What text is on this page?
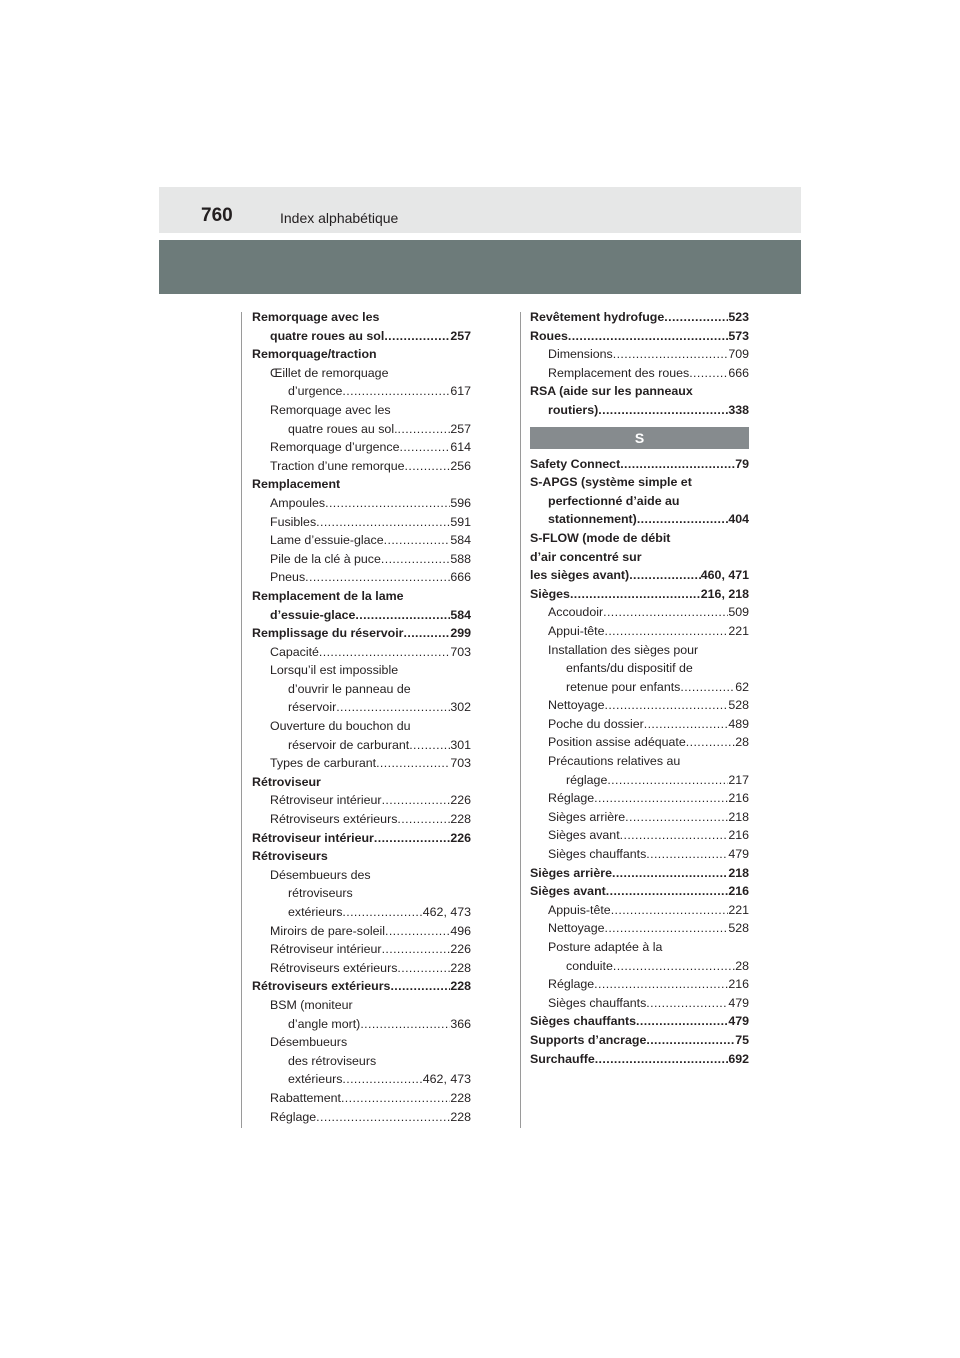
760	Index alphabétique
Remorquage avec les
quatre roues au sol .....	257
Remorquage/traction
Œillet de remorquage
d’urgence .....	617
Remorquage avec les
quatre roues au sol. .....	257
Remorquage d’urgence .....	614
Traction d’une remorque .....	256
Remplacement
Ampoules .....	596
Fusibles .....	591
Lame d’essuie-glace .....	584
Pile de la clé à puce .....	588
Pneus .....	666
Remplacement de la lame
d’essuie-glace .....	584
Remplissage du réservoir .....	299
Capacité .....	703
Lorsqu’il est impossible
d’ouvrir le panneau de
réservoir .....	302
Ouverture du bouchon du
réservoir de carburant .....	301
Types de carburant .....	703
Rétroviseur
Rétroviseur intérieur .....	226
Rétroviseurs extérieurs .....	228
Rétroviseur intérieur .....	226
Rétroviseurs
Désembueurs des
rétroviseurs
extérieurs .....	462, 473
Miroirs de pare-soleil .....	496
Rétroviseur intérieur .....	226
Rétroviseurs extérieurs .....	228
Rétroviseurs extérieurs .....	228
BSM (moniteur
d’angle mort) .....	366
Désembueurs
des rétroviseurs
extérieurs .....	462, 473
Rabattement .....	228
Réglage .....	228
Revêtement hydrofuge .....	523
Roues .....	573
Dimensions .....	709
Remplacement des roues .....	666
RSA (aide sur les panneaux
routiers) .....	338
S
Safety Connect .....	79
S-APGS (système simple et
perfectionné d’aide au
stationnement) .....	404
S-FLOW (mode de débit
d’air concentré sur
les sièges avant) .....	460, 471
Sièges .....	216, 218
Accoudoir .....	509
Appui-tête .....	221
Installation des sièges pour
enfants/du dispositif de
retenue pour enfants .....	62
Nettoyage .....	528
Poche du dossier .....	489
Position assise adéquate .....	28
Précautions relatives au
réglage .....	217
Réglage .....	216
Sièges arrière .....	218
Sièges avant .....	216
Sièges chauffants .....	479
Sièges arrière .....	218
Sièges avant .....	216
Appuis-tête .....	221
Nettoyage .....	528
Posture adaptée à la
conduite .....	28
Réglage .....	216
Sièges chauffants .....	479
Sièges chauffants .....	479
Supports d’ancrage .....	75
Surchauffe .....	692
